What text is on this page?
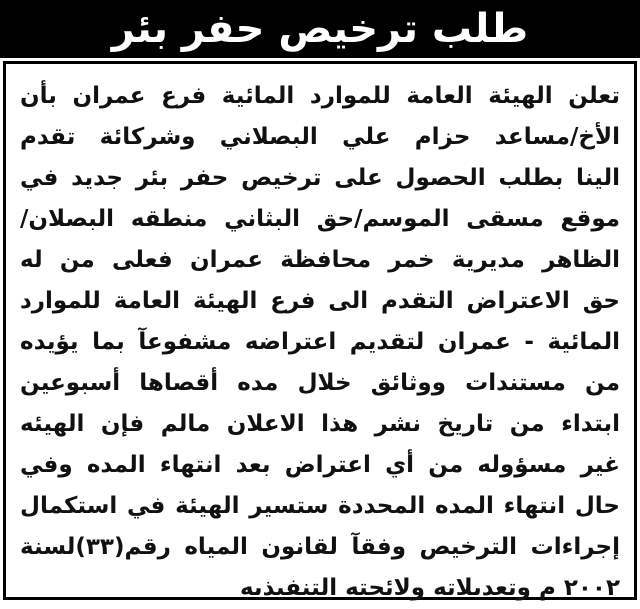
طلب ترخيص حفر بئر
تعلن الهيئة العامة للموارد المائية فرع عمران بأن
الأخ/مساعد حزام علي البصلاني وشركائة تقدم
الينا بطلب الحصول على ترخيص حفر بئر جديد في
موقع مسقى الموسم/حق البثاني منطقه البصلان/
الظاهر مديرية خمر محافظة عمران فعلى من له
حق الاعتراض التقدم الى فرع الهيئة العامة للموارد
المائية - عمران لتقديم اعتراضه مشفوعآ بما يؤيده
من مستندات ووثائق خلال مده أقصاها أسبوعين
ابتداء من تاريخ نشر هذا الاعلان مالم فإن الهيئه
غير مسؤوله من أي اعتراض بعد انتهاء المده وفي
حال انتهاء المده المحددة ستسير الهيئة في استكمال
إجراءات الترخيص وفقآ لقانون المياه رقم(٣٣)لسنة
٢٠٠٢ م وتعديلاته ولائحته التنفيذيه
